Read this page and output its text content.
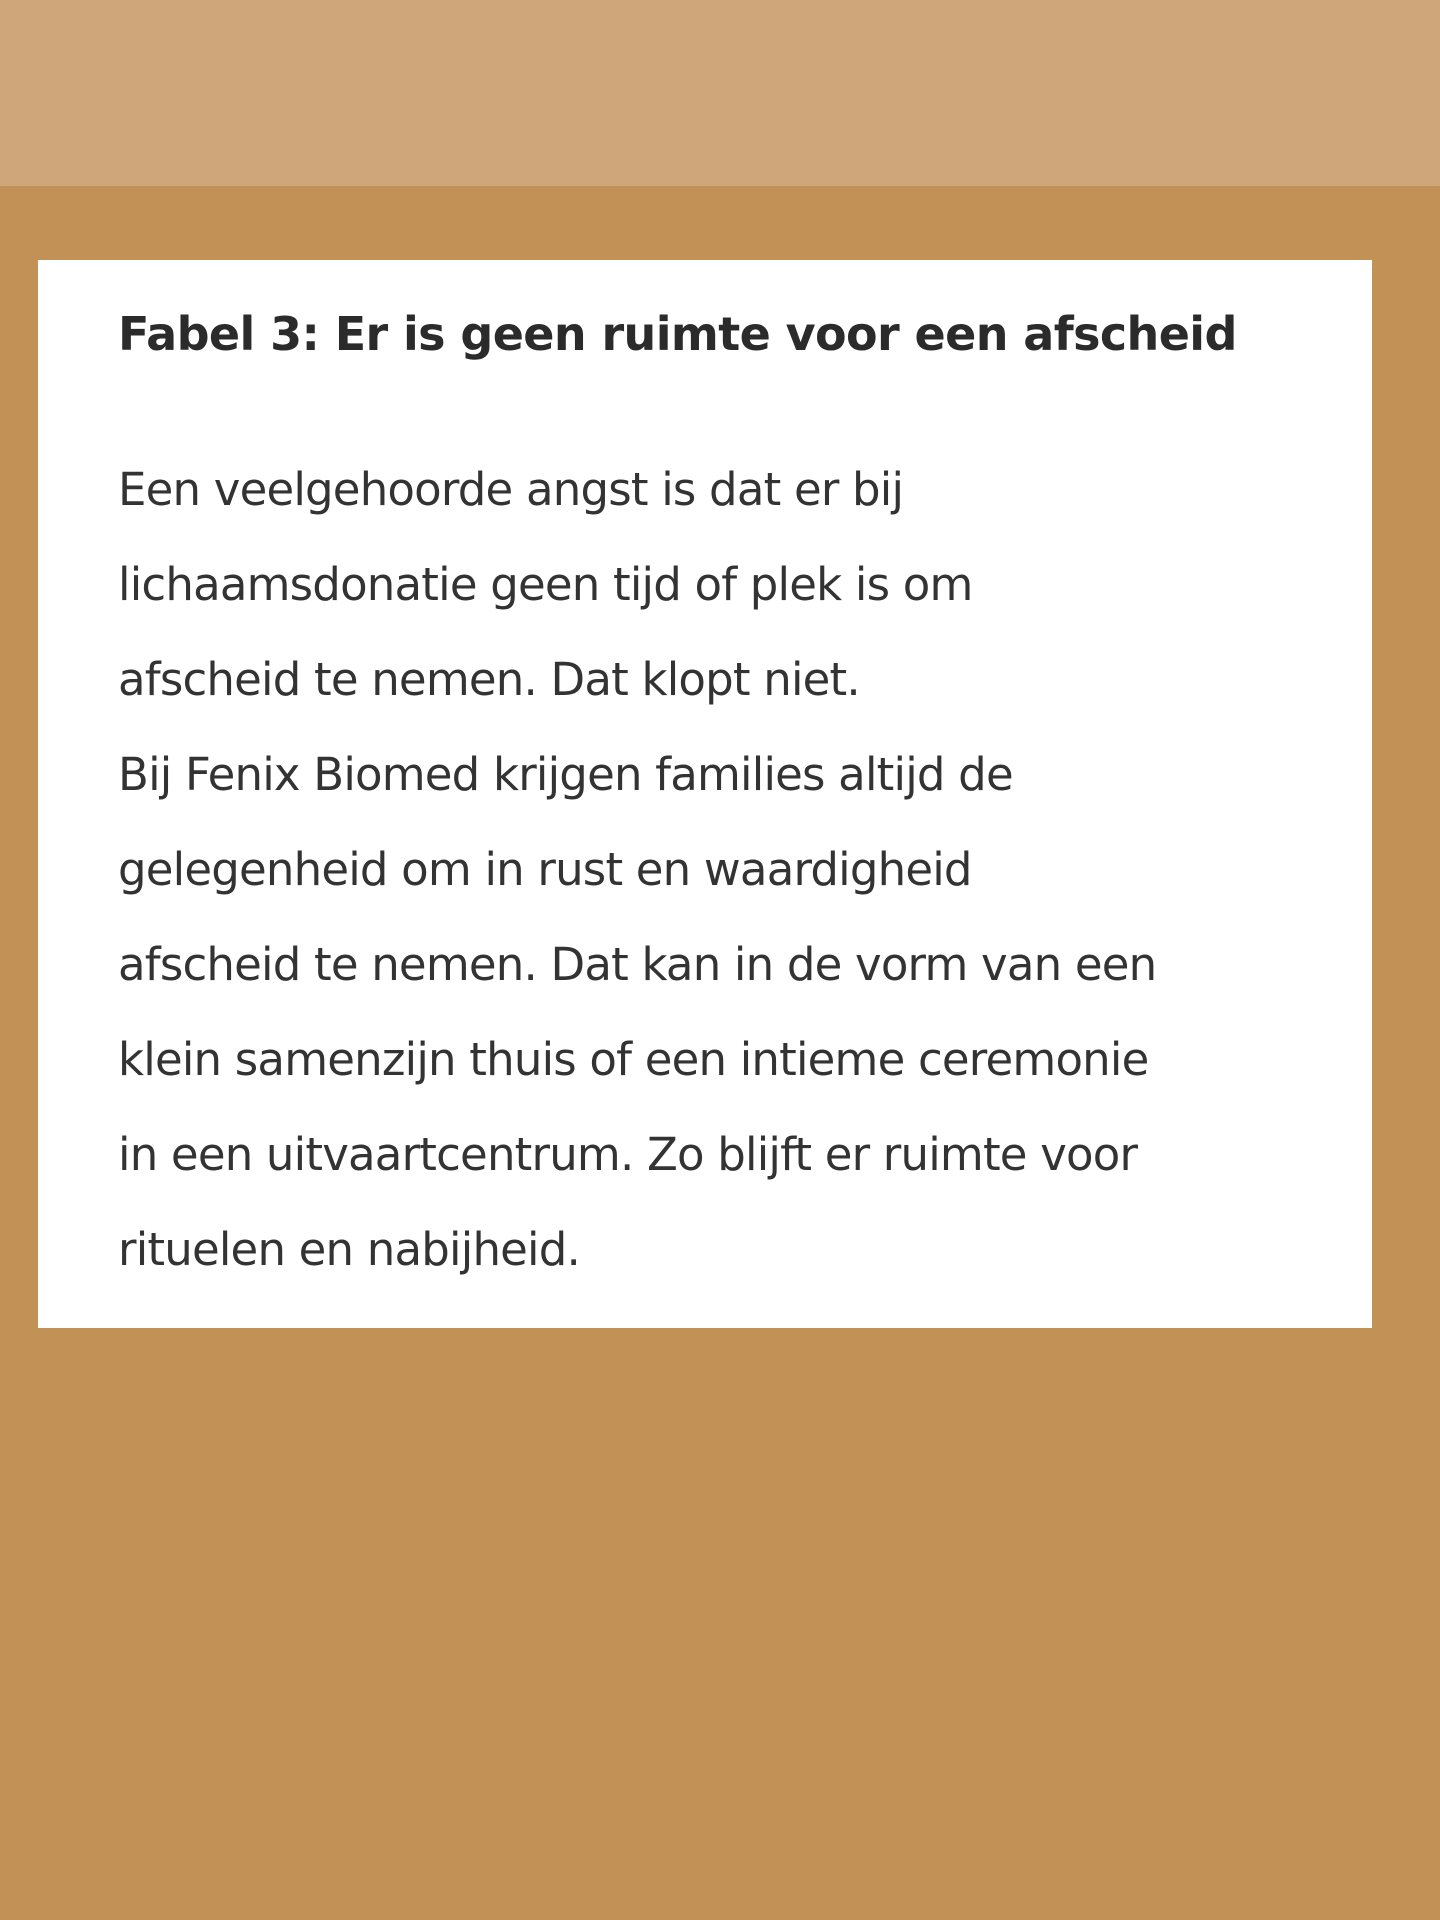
Fabel 3: Er is geen ruimte voor een afscheid
Een veelgehoorde angst is dat er bij
lichaamsdonatie geen tijd of plek is om
afscheid te nemen. Dat klopt niet.
Bij Fenix Biomed krijgen families altijd de
gelegenheid om in rust en waardigheid
afscheid te nemen. Dat kan in de vorm van een
klein samenzijn thuis of een intieme ceremonie
in een uitvaartcentrum. Zo blijft er ruimte voor
rituelen en nabijheid.
